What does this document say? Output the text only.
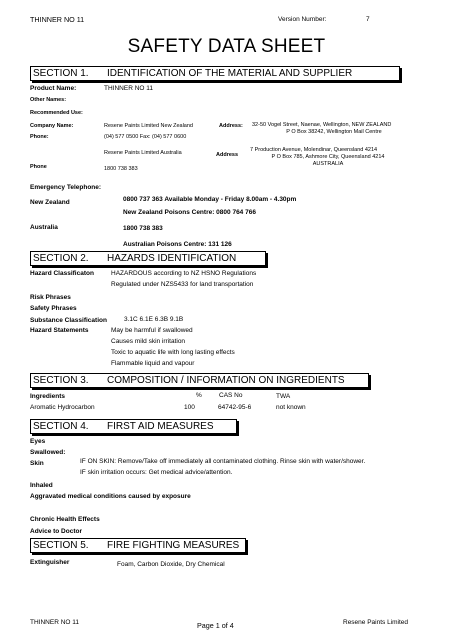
THINNER NO 11	Version Number:	7
SAFETY DATA SHEET
SECTION 1. IDENTIFICATION OF THE MATERIAL AND SUPPLIER
Product Name:	THINNER NO 11
Other Names:
Recommended Use:
Company Name:	Resene Paints Limited New Zealand	Address: 32-50 Vogel Street, Naenae, Wellington, NEW ZEALAND
P O Box 38242, Wellington Mail Centre
Phone:	(04) 577 0500 Fax: (04) 577 0600
Resene Paints Limited Australia	Address
7 Production Avenue, Molendinar, Queensland 4214
P O Box 785, Ashmore City, Queensland 4214
AUSTRALIA
Phone	1800 738 383
Emergency Telephone:
New Zealand	0800 737 363 Available Monday - Friday 8.00am - 4.30pm
New Zealand Poisons Centre: 0800 764 766
Australia	1800 738 383
Australian Poisons Centre: 131 126
SECTION 2. HAZARDS IDENTIFICATION
Hazard Classificaton	HAZARDOUS according to NZ HSNO Regulations
Regulated under NZS5433 for land transportation
Risk Phrases
Safety Phrases
Substance Classification	3.1C 6.1E 6.3B 9.1B
Hazard Statements	May be harmful if swallowed
Causes mild skin irritation
Toxic to aquatic life with long lasting effects
Flammable liquid and vapour
SECTION 3. COMPOSITION / INFORMATION ON INGREDIENTS
Ingredients	%	CAS No	TWA
Aromatic Hydrocarbon	100	64742-95-6	not known
SECTION 4. FIRST AID MEASURES
Eyes
Swallowed:
Skin	IF ON SKIN: Remove/Take off immediately all contaminated clothing. Rinse skin with water/shower.
IF skin irritation occurs: Get medical advice/attention.
Inhaled
Aggravated medical conditions caused by exposure
Chronic Health Effects
Advice to Doctor
SECTION 5. FIRE FIGHTING MEASURES
Extinguisher	Foam, Carbon Dioxide, Dry Chemical
THINNER NO 11	Page 1 of 4	Resene Paints Limited
